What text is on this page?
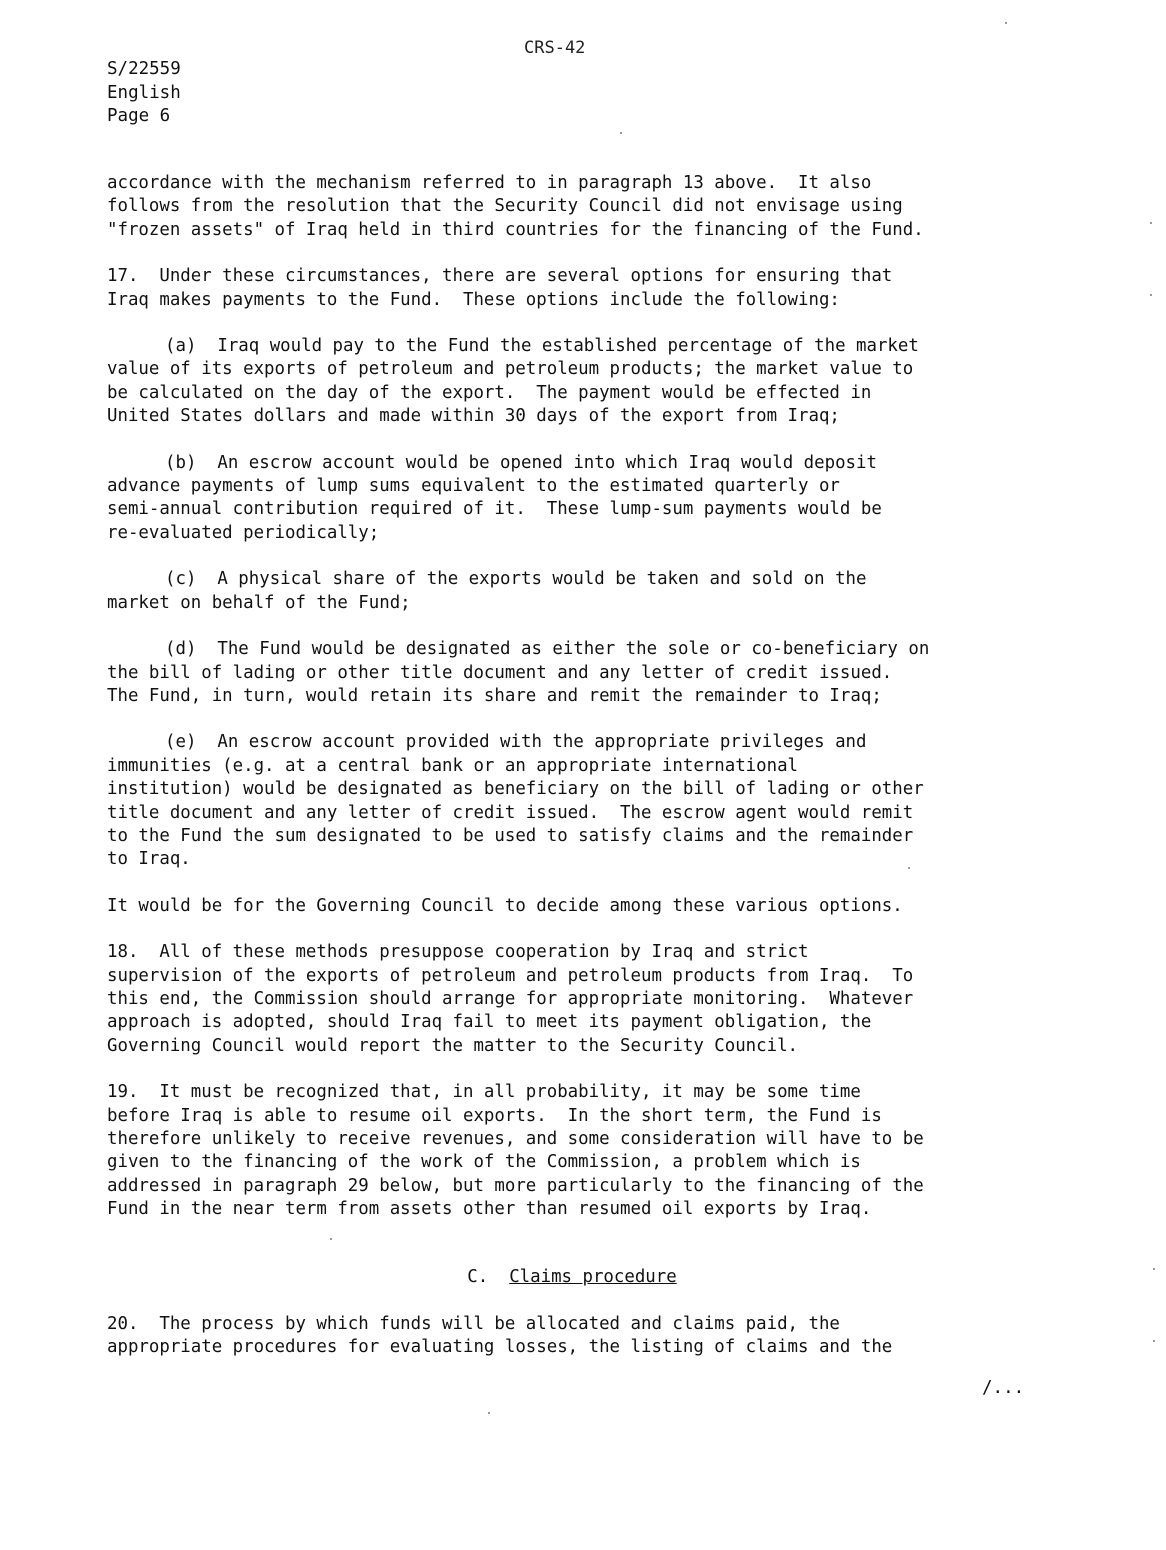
CRS-42
S/22559
English
Page 6

accordance with the mechanism referred to in paragraph 13 above.  It also
follows from the resolution that the Security Council did not envisage using
"frozen assets" of Iraq held in third countries for the financing of the Fund.

17.  Under these circumstances, there are several options for ensuring that
Iraq makes payments to the Fund.  These options include the following:

(a)  Iraq would pay to the Fund the established percentage of the market
value of its exports of petroleum and petroleum products; the market value to
be calculated on the day of the export.  The payment would be effected in
United States dollars and made within 30 days of the export from Iraq;

(b)  An escrow account would be opened into which Iraq would deposit
advance payments of lump sums equivalent to the estimated quarterly or
semi-annual contribution required of it.  These lump-sum payments would be
re-evaluated periodically;

(c)  A physical share of the exports would be taken and sold on the
market on behalf of the Fund;

(d)  The Fund would be designated as either the sole or co-beneficiary on
the bill of lading or other title document and any letter of credit issued.
The Fund, in turn, would retain its share and remit the remainder to Iraq;

(e)  An escrow account provided with the appropriate privileges and
immunities (e.g. at a central bank or an appropriate international
institution) would be designated as beneficiary on the bill of lading or other
title document and any letter of credit issued.  The escrow agent would remit
to the Fund the sum designated to be used to satisfy claims and the remainder
to Iraq.

It would be for the Governing Council to decide among these various options.

18.  All of these methods presuppose cooperation by Iraq and strict
supervision of the exports of petroleum and petroleum products from Iraq.  To
this end, the Commission should arrange for appropriate monitoring.  Whatever
approach is adopted, should Iraq fail to meet its payment obligation, the
Governing Council would report the matter to the Security Council.

19.  It must be recognized that, in all probability, it may be some time
before Iraq is able to resume oil exports.  In the short term, the Fund is
therefore unlikely to receive revenues, and some consideration will have to be
given to the financing of the work of the Commission, a problem which is
addressed in paragraph 29 below, but more particularly to the financing of the
Fund in the near term from assets other than resumed oil exports by Iraq.

C. Claims procedure

20.  The process by which funds will be allocated and claims paid, the
appropriate procedures for evaluating losses, the listing of claims and the

/...
